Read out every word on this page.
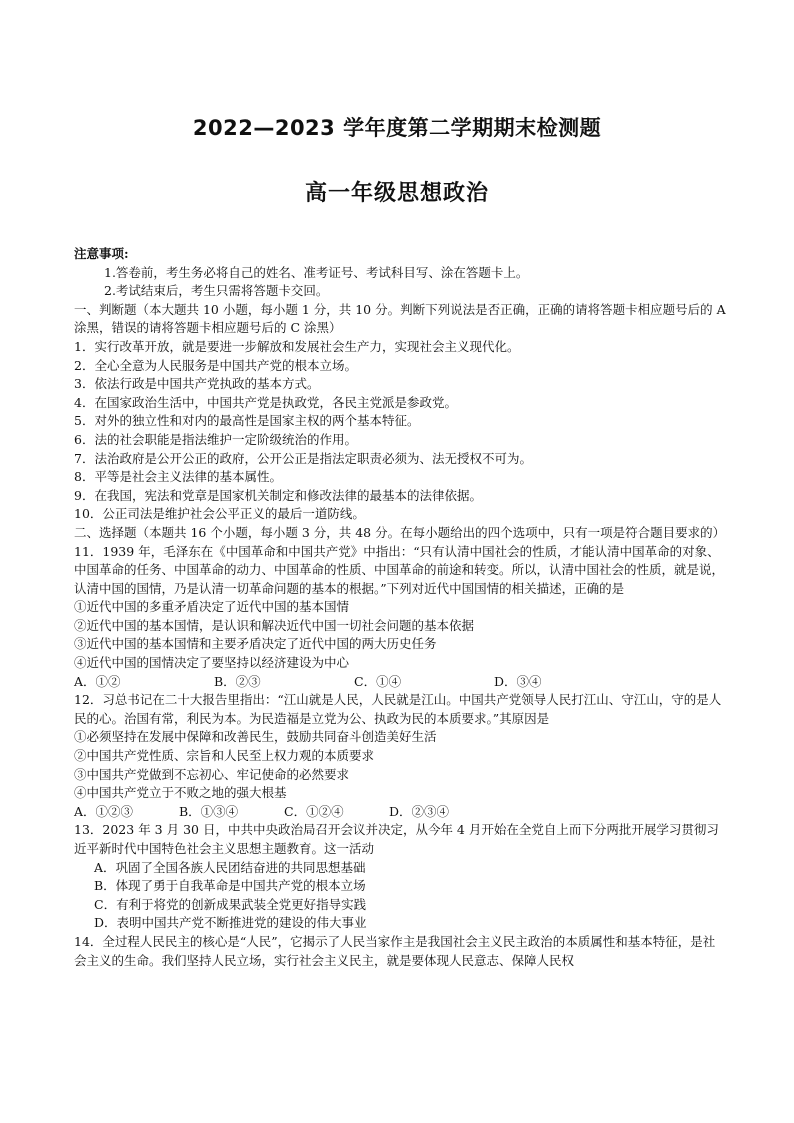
2022—2023 学年度第二学期期末检测题
高一年级思想政治

注意事项:

1.答卷前，考生务必将自己的姓名、准考证号、考试科目写、涂在答题卡上。

2.考试结束后，考生只需将答题卡交回。

一、判断题（本大题共 10 小题，每小题 1 分，共 10 分。判断下列说法是否正确，正确的请将答题卡相应题号后的 A 涂黑，错误的请将答题卡相应题号后的 C 涂黑）

1．实行改革开放，就是要进一步解放和发展社会生产力，实现社会主义现代化。

2．全心全意为人民服务是中国共产党的根本立场。

3．依法行政是中国共产党执政的基本方式。

4．在国家政治生活中，中国共产党是执政党，各民主党派是参政党。

5．对外的独立性和对内的最高性是国家主权的两个基本特征。

6．法的社会职能是指法维护一定阶级统治的作用。

7．法治政府是公开公正的政府，公开公正是指法定职责必须为、法无授权不可为。

8．平等是社会主义法律的基本属性。

9．在我国，宪法和党章是国家机关制定和修改法律的最基本的法律依据。

10．公正司法是维护社会公平正义的最后一道防线。

二、选择题（本题共 16 个小题，每小题 3 分，共 48 分。在每小题给出的四个选项中，只有一项是符合题目要求的）

11．1939 年，毛泽东在《中国革命和中国共产党》中指出：“只有认清中国社会的性质，才能认清中国革命的对象、中国革命的任务、中国革命的动力、中国革命的性质、中国革命的前途和转变。所以，认清中国社会的性质，就是说，认清中国的国情，乃是认清一切革命问题的基本的根据。”下列对近代中国国情的相关描述，正确的是

①近代中国的多重矛盾决定了近代中国的基本国情

②近代中国的基本国情，是认识和解决近代中国一切社会问题的基本依据

③近代中国的基本国情和主要矛盾决定了近代中国的两大历史任务

④近代中国的国情决定了要坚持以经济建设为中心

A．①②	B．②③	C．①④	D．③④

12．习总书记在二十大报告里指出：“江山就是人民，人民就是江山。中国共产党领导人民打江山、守江山，守的是人民的心。治国有常，利民为本。为民造福是立党为公、执政为民的本质要求。”其原因是

①必须坚持在发展中保障和改善民生，鼓励共同奋斗创造美好生活

②中国共产党性质、宗旨和人民至上权力观的本质要求

③中国共产党做到不忘初心、牢记使命的必然要求

④中国共产党立于不败之地的强大根基

A．①②③	B．①③④	C．①②④	D．②③④

13．2023 年 3 月 30 日，中共中央政治局召开会议并决定，从今年 4 月开始在全党自上而下分两批开展学习贯彻习近平新时代中国特色社会主义思想主题教育。这一活动

A．巩固了全国各族人民团结奋进的共同思想基础

B．体现了勇于自我革命是中国共产党的根本立场

C．有利于将党的创新成果武装全党更好指导实践

D．表明中国共产党不断推进党的建设的伟大事业

14．全过程人民民主的核心是“人民”，它揭示了人民当家作主是我国社会主义民主政治的本质属性和基本特征，是社会主义的生命。我们坚持人民立场，实行社会主义民主，就是要体现人民意志、保障人民权
